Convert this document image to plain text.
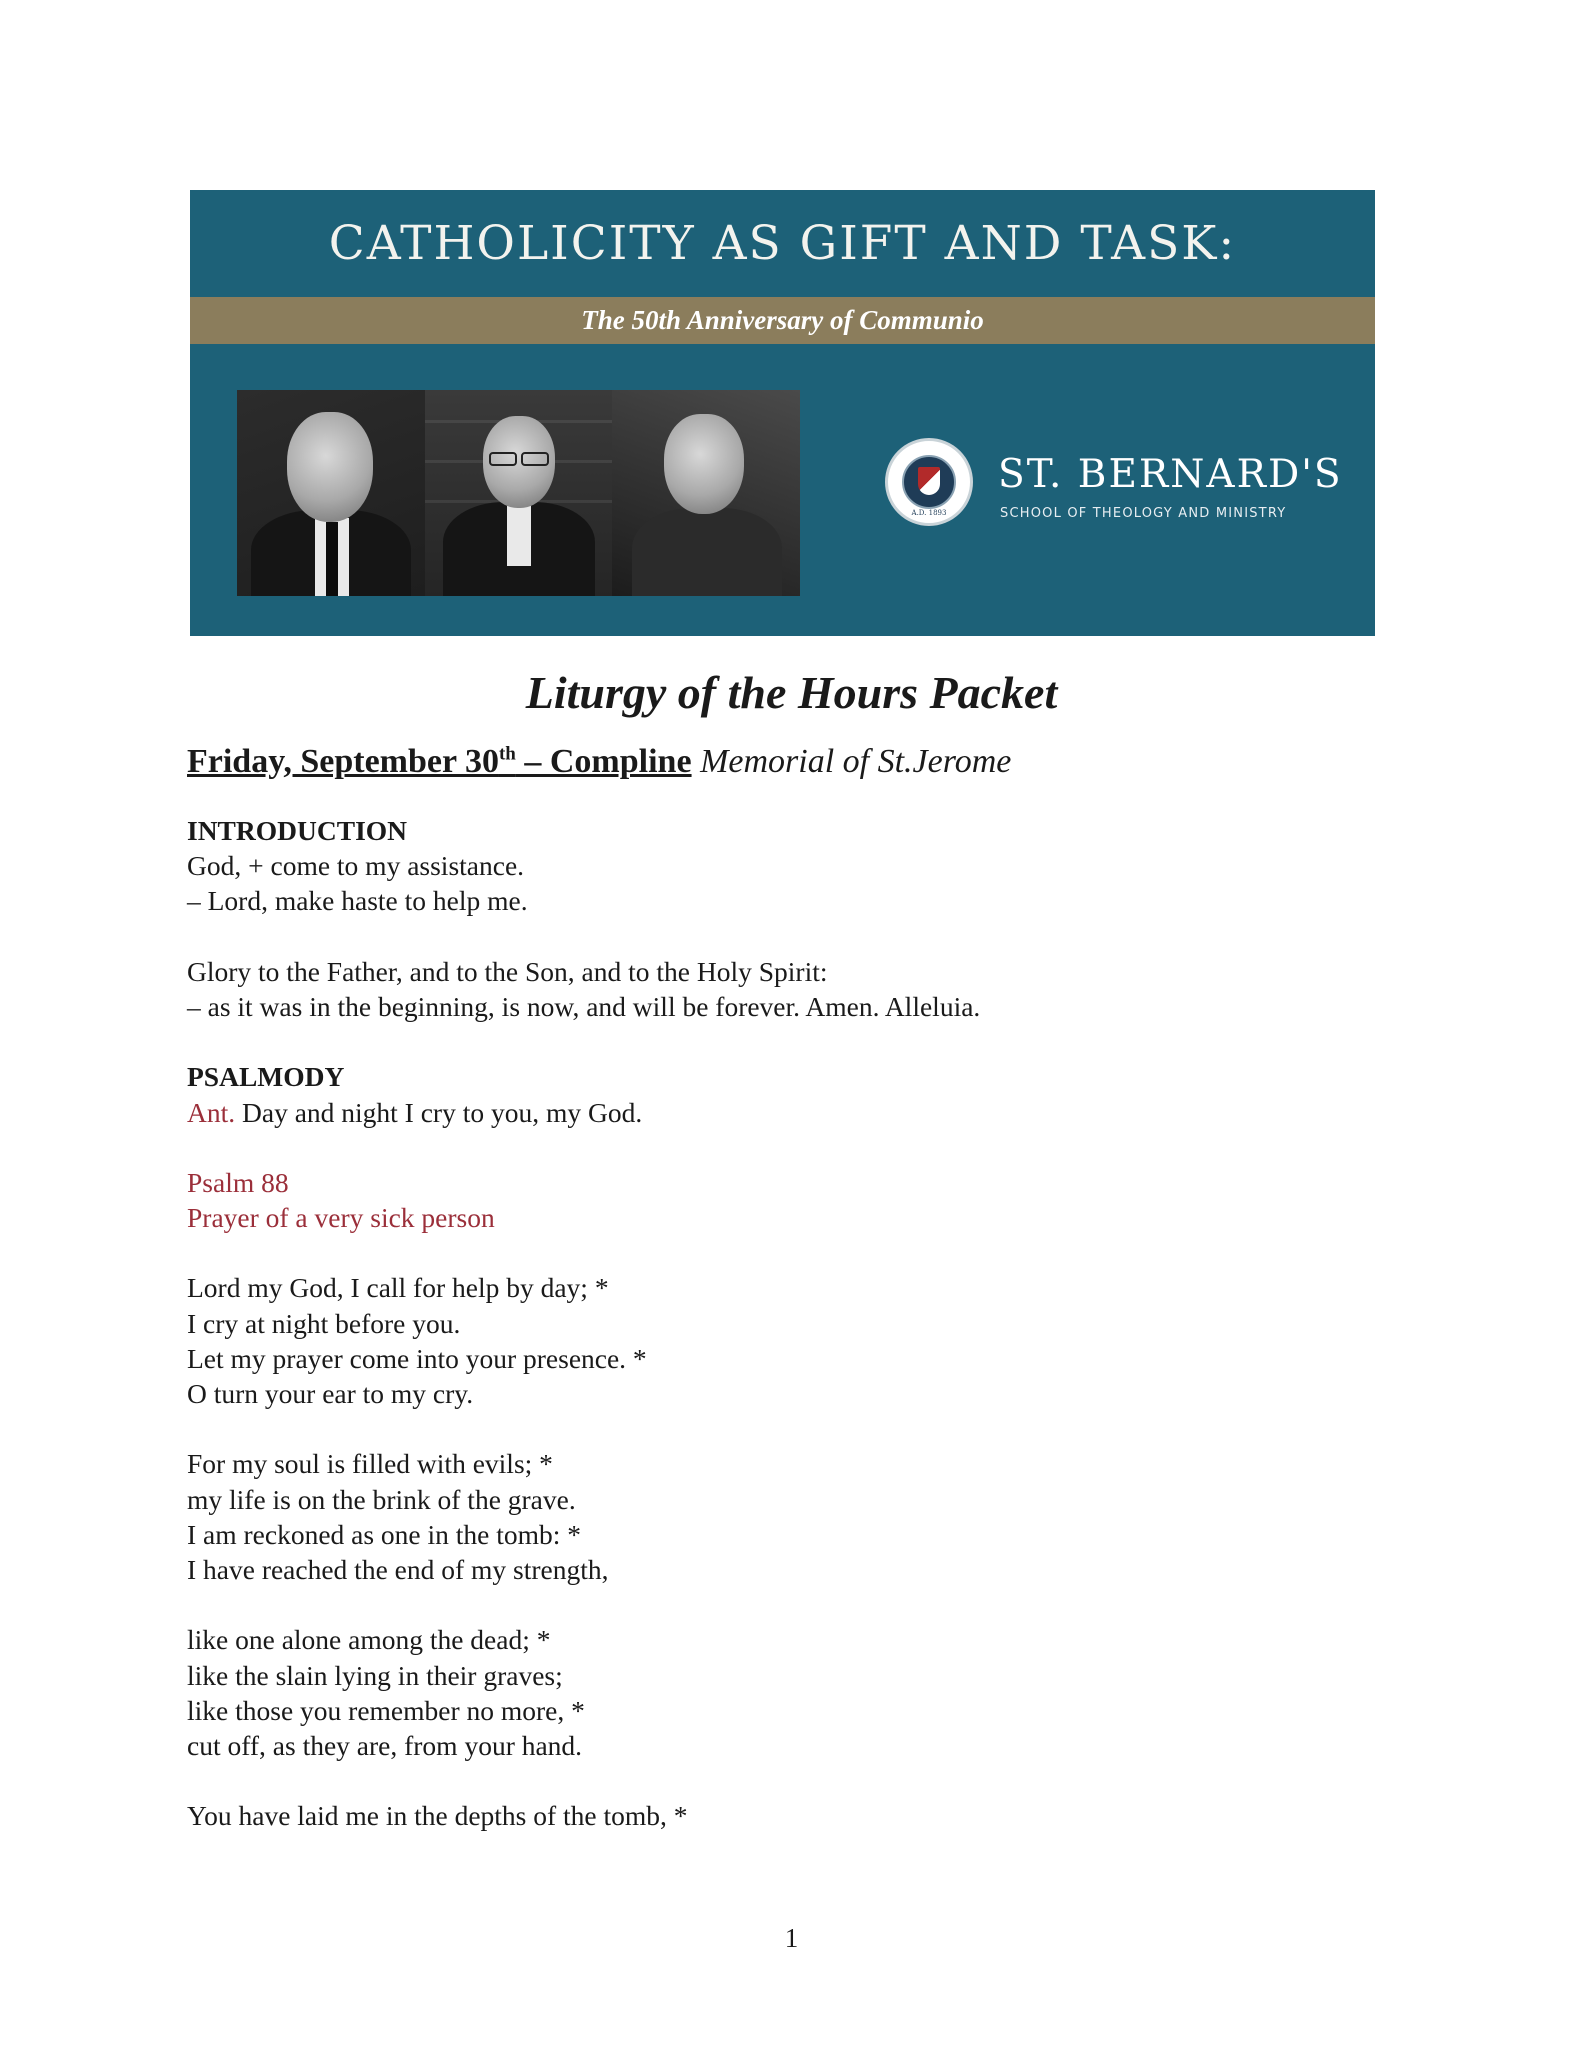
CATHOLICITY AS GIFT AND TASK:
The 50th Anniversary of Communio
A.D. 1893
ST. BERNARD'S
SCHOOL OF THEOLOGY AND MINISTRY
Liturgy of the Hours Packet
Friday, September 30th – Compline Memorial of St.Jerome
INTRODUCTION
God, + come to my assistance.
– Lord, make haste to help me.
Glory to the Father, and to the Son, and to the Holy Spirit:
– as it was in the beginning, is now, and will be forever. Amen. Alleluia.
PSALMODY
Ant. Day and night I cry to you, my God.
Psalm 88
Prayer of a very sick person
Lord my God, I call for help by day; *
I cry at night before you.
Let my prayer come into your presence. *
O turn your ear to my cry.
For my soul is filled with evils; *
my life is on the brink of the grave.
I am reckoned as one in the tomb: *
I have reached the end of my strength,
like one alone among the dead; *
like the slain lying in their graves;
like those you remember no more, *
cut off, as they are, from your hand.
You have laid me in the depths of the tomb, *
1
